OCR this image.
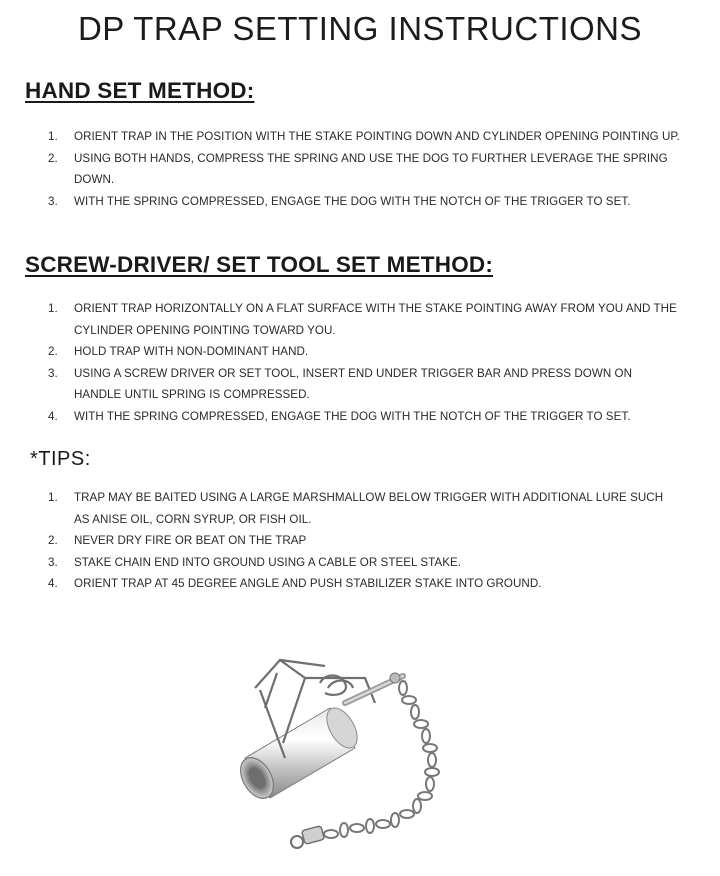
DP TRAP SETTING INSTRUCTIONS
HAND SET METHOD:
1. ORIENT TRAP IN THE POSITION WITH THE STAKE POINTING DOWN AND CYLINDER OPENING POINTING UP.
2. USING BOTH HANDS, COMPRESS THE SPRING AND USE THE DOG TO FURTHER LEVERAGE THE SPRING DOWN.
3. WITH THE SPRING COMPRESSED, ENGAGE THE DOG WITH THE NOTCH OF THE TRIGGER TO SET.
SCREW-DRIVER/ SET TOOL SET METHOD:
1. ORIENT TRAP HORIZONTALLY ON A FLAT SURFACE WITH THE STAKE POINTING AWAY FROM YOU AND THE CYLINDER OPENING POINTING TOWARD YOU.
2. HOLD TRAP WITH NON-DOMINANT HAND.
3. USING A SCREW DRIVER OR SET TOOL, INSERT END UNDER TRIGGER BAR AND PRESS DOWN ON HANDLE UNTIL SPRING IS COMPRESSED.
4. WITH THE SPRING COMPRESSED, ENGAGE THE DOG WITH THE NOTCH OF THE TRIGGER TO SET.
*TIPS:
1. TRAP MAY BE BAITED USING A LARGE MARSHMALLOW BELOW TRIGGER WITH ADDITIONAL LURE SUCH AS ANISE OIL, CORN SYRUP, OR FISH OIL.
2. NEVER DRY FIRE OR BEAT ON THE TRAP
3. STAKE CHAIN END INTO GROUND USING A CABLE OR STEEL STAKE.
4. ORIENT TRAP AT 45 DEGREE ANGLE AND PUSH STABILIZER STAKE INTO GROUND.
